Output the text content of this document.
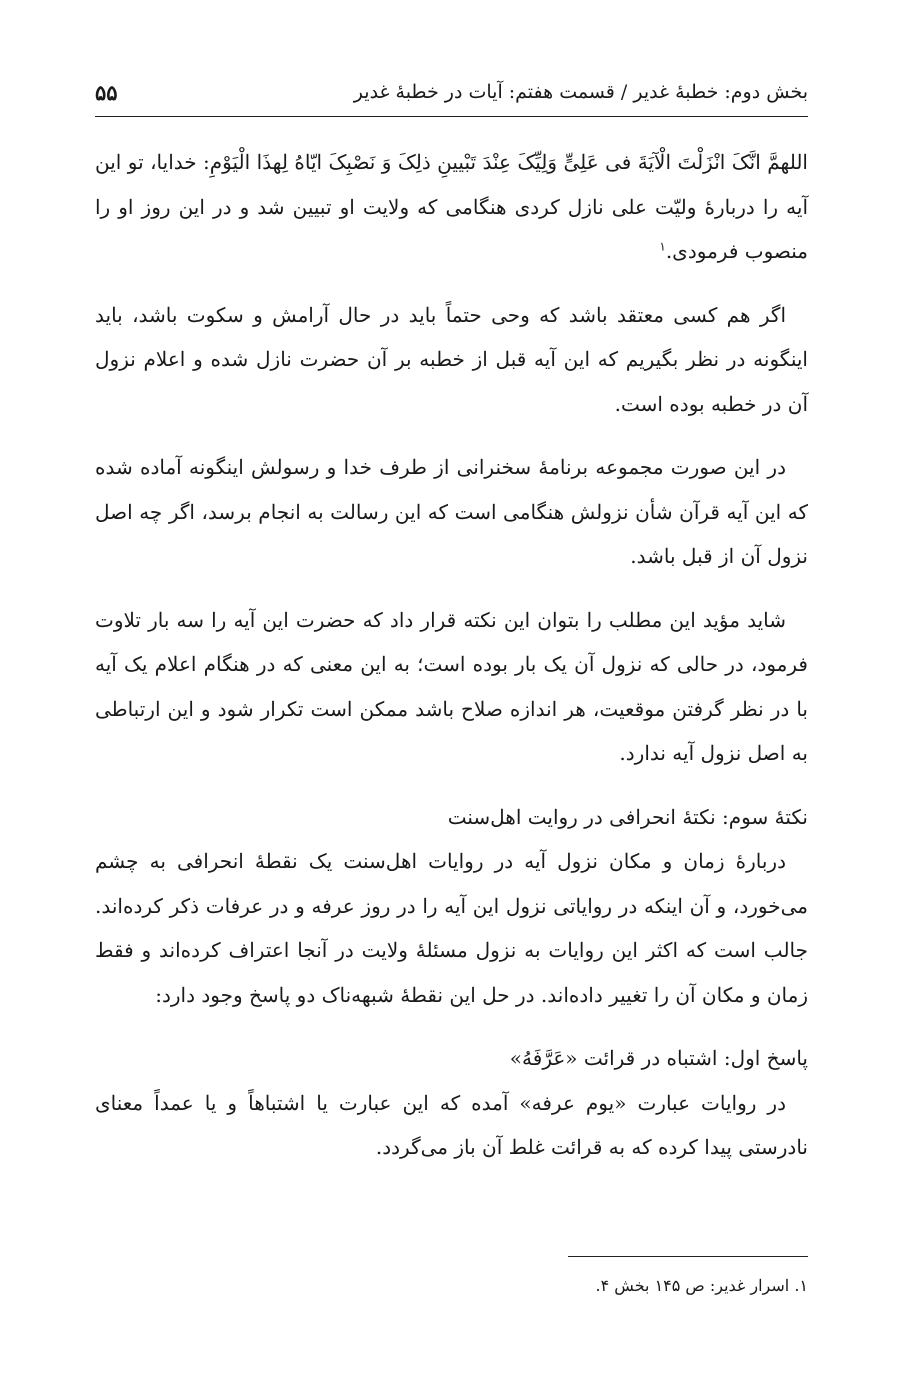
بخش دوم: خطبۀ غدیر / قسمت هفتم: آیات در خطبۀ غدیر
۵۵

اللهمَّ انَّکَ انْزَلْتَ الْآیَةَ فی عَلِیٍّ وَلِیِّکَ عِنْدَ تَبْیینِ ذلِکَ وَ نَصْبِکَ ایّاهُ لِهذَا الْیَوْمِ: خدایا، تو این آیه را دربارۀ ولیّت علی نازل کردی هنگامی که ولایت او تبیین شد و در این روز او را منصوب فرمودی.$^۱$

اگر هم کسی معتقد باشد که وحی حتماً باید در حال آرامش و سکوت باشد، باید اینگونه در نظر بگیریم که این آیه قبل از خطبه بر آن حضرت نازل شده و اعلام نزول آن در خطبه بوده است.

در این صورت مجموعه برنامۀ سخنرانی از طرف خدا و رسولش اینگونه آماده شده که این آیه قرآن شأن نزولش هنگامی است که این رسالت به انجام برسد، اگر چه اصل نزول آن از قبل باشد.

شاید مؤید این مطلب را بتوان این نکته قرار داد که حضرت این آیه را سه بار تلاوت فرمود، در حالی که نزول آن یک بار بوده است؛ به این معنی که در هنگام اعلام یک آیه با در نظر گرفتن موقعیت، هر اندازه صلاح باشد ممکن است تکرار شود و این ارتباطی به اصل نزول آیه ندارد.

نکتۀ سوم: نکتۀ انحرافی در روایت اهل‌سنت

دربارۀ زمان و مکان نزول آیه در روایات اهل‌سنت یک نقطۀ انحرافی به چشم می‌خورد، و آن اینکه در روایاتی نزول این آیه را در روز عرفه و در عرفات ذکر کرده‌اند. جالب است که اکثر این روایات به نزول مسئلۀ ولایت در آنجا اعتراف کرده‌اند و فقط زمان و مکان آن را تغییر داده‌اند. در حل این نقطۀ شبهه‌ناک دو پاسخ وجود دارد:

پاسخ اول: اشتباه در قرائت «عَرَّفَهُ»

در روایات عبارت «یوم عرفه» آمده که این عبارت یا اشتباهاً و یا عمداً معنای نادرستی پیدا کرده که به قرائت غلط آن باز می‌گردد.

۱. اسرار غدیر: ص ۱۴۵ بخش ۴.
